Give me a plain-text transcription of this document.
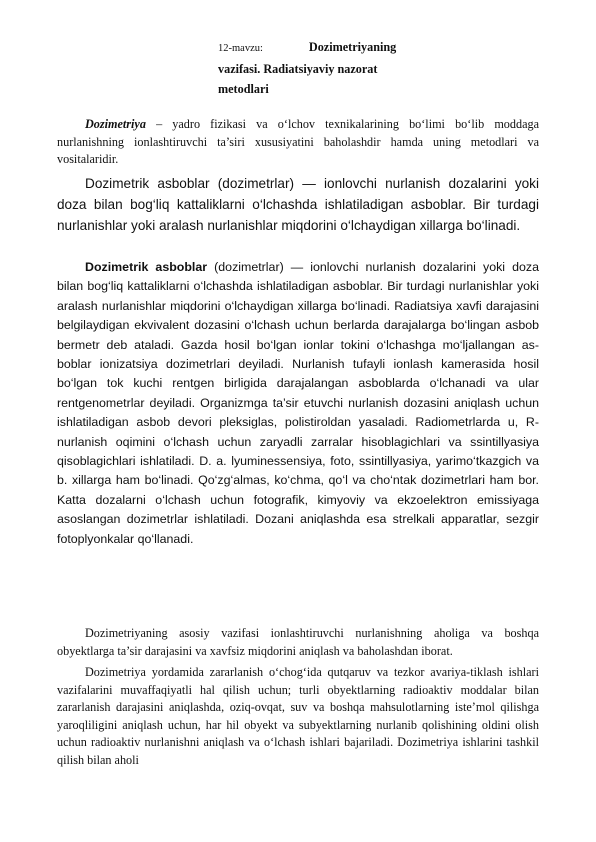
12-mavzu:	Dozimetriyaning
vazifasi. Radiatsiyaviy nazorat
metodlari

Dozimetriya – yadro fizikasi va o‘lchov texnikalarining bo‘limi bo‘lib moddaga nurlanishning ionlashtiruvchi ta’siri xususiyatini baholashdir hamda uning metodlari va vositalaridir.

Dozimetrik asboblar (dozimetrlar) — ionlovchi nurlanish dozalarini yoki doza bilan bog‘liq kattaliklarni o‘lchashda ishlatiladigan asboblar. Bir turdagi nurlanishlar yoki aralash nurlanishlar miqdorini o‘lchaydigan xillarga bo‘linadi.

Dozimetrik asboblar (dozimetrlar) — ionlovchi nurlanish dozalarini yoki doza bilan bog‘liq kattaliklarni o‘lchashda ishlatiladigan asboblar. Bir turdagi nurlanishlar yoki aralash nurlanishlar miqdorini o‘lchaydigan xillarga bo‘linadi. Radiatsiya xavfi darajasini belgilaydigan ekvivalent dozasini o‘lchash uchun berlarda darajalarga bo‘lingan asbob bermetr deb ataladi. Gazda hosil bo‘lgan ionlar tokini o‘lchashga mo‘ljallangan as-boblar ionizatsiya dozimetrlari deyiladi. Nurlanish tufayli ionlash kamerasida hosil bo‘lgan tok kuchi rentgen birligida darajalangan asboblarda o‘lchanadi va ular rentgenometrlar deyiladi. Organizmga ta’sir etuvchi nurlanish dozasini aniqlash uchun ishlatiladigan asbob devori pleksiglas, polistiroldan yasaladi. Radiometrlarda u, R-nurlanish oqimini o‘lchash uchun zaryadli zarralar hisoblagichlari va ssintillyasiya qisoblagichlari ishlatiladi. D. a. lyuminessensiya, foto, ssintillyasiya, yarimo‘tkazgich va b. xillarga ham bo‘linadi. Qo‘zg‘almas, ko‘chma, qo‘l va cho‘ntak dozimetrlari ham bor. Katta dozalarni o‘lchash uchun fotografik, kimyoviy va ekzoelektron emissiyaga asoslangan dozimetrlar ishlatiladi. Dozani aniqlashda esa strelkali apparatlar, sezgir fotoplyonkalar qo‘llanadi.

Dozimetriyaning asosiy vazifasi ionlashtiruvchi nurlanishning aholiga va boshqa obyektlarga ta’sir darajasini va xavfsiz miqdorini aniqlash va baholashdan iborat.

Dozimetriya yordamida zararlanish o‘chog‘ida qutqaruv va tezkor avariya-tiklash ishlari vazifalarini muvaffaqiyatli hal qilish uchun; turli obyektlarning radioaktiv moddalar bilan zararlanish darajasini aniqlashda, oziq-ovqat, suv va boshqa mahsulotlarning iste’mol qilishga yaroqliligini aniqlash uchun, har hil obyekt va subyektlarning nurlanib qolishining oldini olish uchun radioaktiv nurlanishni aniqlash va o‘lchash ishlari bajariladi. Dozimetriya ishlarini tashkil qilish bilan aholi
